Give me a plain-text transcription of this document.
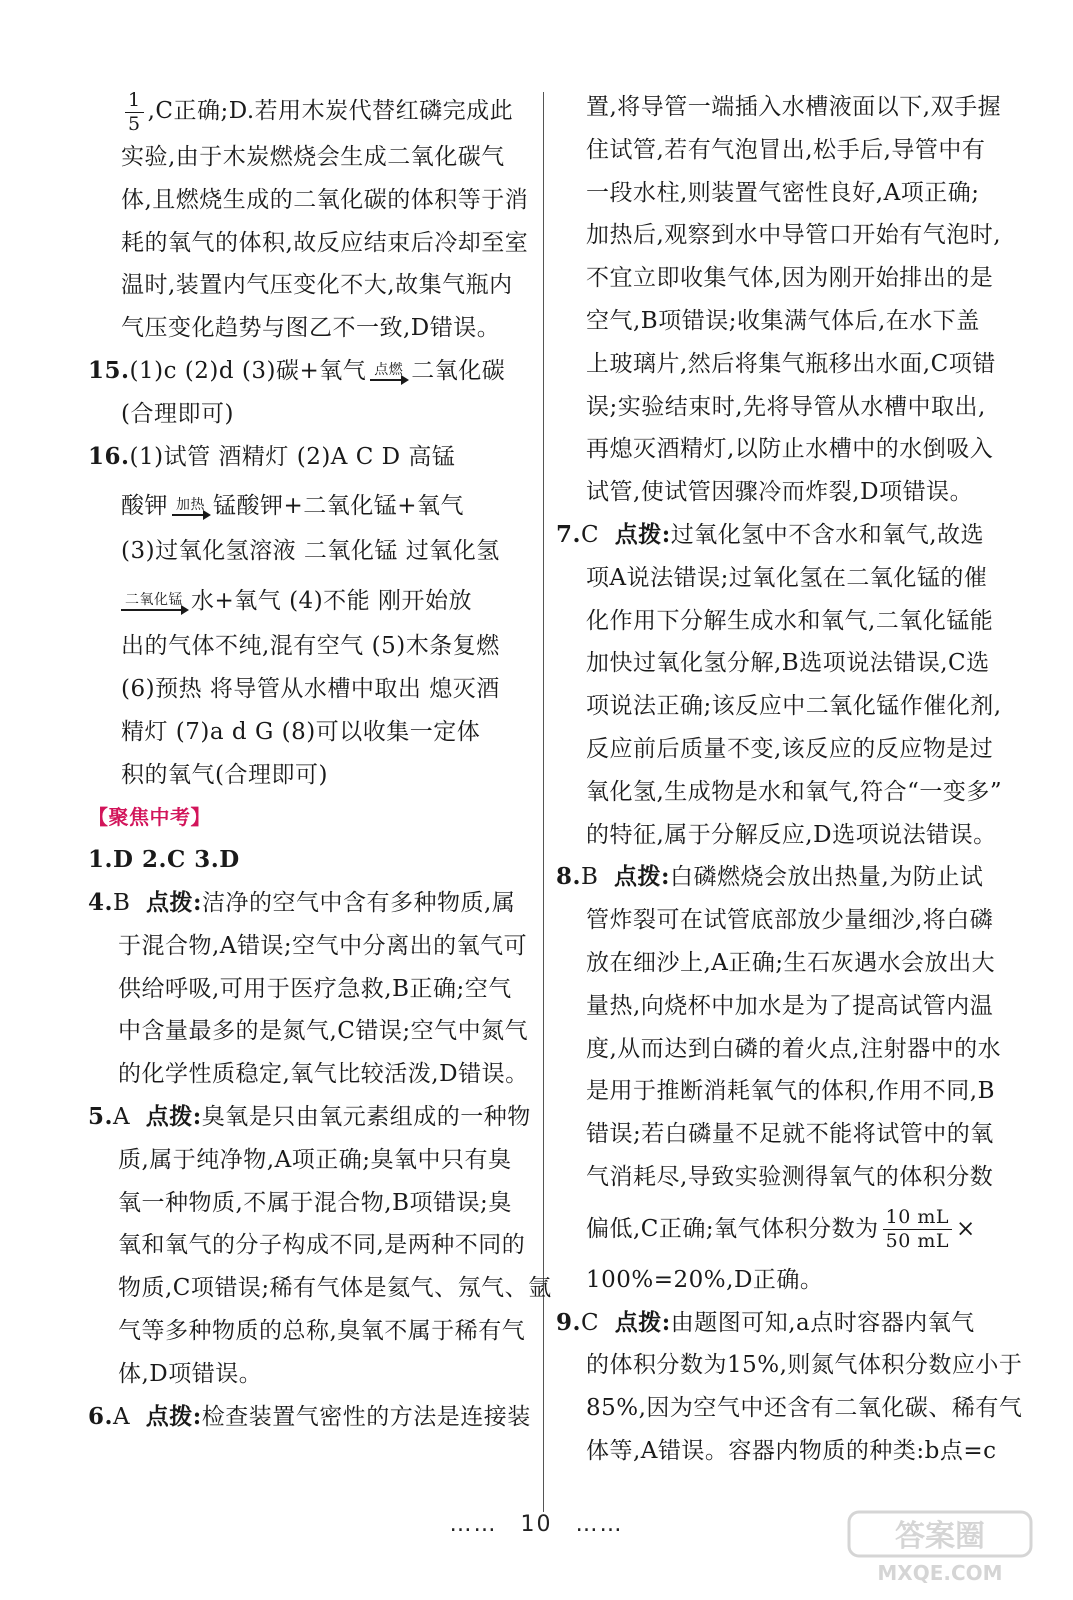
$\frac{1}{5} ,C$正确;D.若用木炭代替红磷完成此
实验,由于木炭燃烧会生成二氧化碳气
体,且燃烧生成的二氧化碳的体积等于消
耗的氧气的体积,故反应结束后冷却至室
温时,装置内气压变化不大,故集气瓶内
气压变化趋势与图乙不一致,D错误。
15.(1)c (2)d (3)碳+氧气 点燃 二氧化碳
(合理即可)
16.(1)试管 酒精灯 (2)A C D 高锰
酸钾 加热 锰酸钾+二氧化锰+氧气
(3)过氧化氢溶液 二氧化锰 过氧化氢
二氧化锰 水+氧气 (4)不能 刚开始放
出的气体不纯,混有空气 (5)木条复燃
(6)预热 将导管从水槽中取出 熄灭酒
精灯 (7)a d G (8)可以收集一定体
积的氧气(合理即可)
【聚焦中考】
1.D 2.C 3.D
4.B 点拨:洁净的空气中含有多种物质,属
于混合物,A错误;空气中分离出的氧气可
供给呼吸,可用于医疗急救,B正确;空气
中含量最多的是氮气,C错误;空气中氮气
的化学性质稳定,氧气比较活泼,D错误。
5.A 点拨:臭氧是只由氧元素组成的一种物
质,属于纯净物,A项正确;臭氧中只有臭
氧一种物质,不属于混合物,B项错误;臭
氧和氧气的分子构成不同,是两种不同的
物质,C项错误;稀有气体是氦气、氖气、氩
气等多种物质的总称,臭氧不属于稀有气
体,D项错误。
6.A 点拨:检查装置气密性的方法是连接装
置,将导管一端插入水槽液面以下,双手握
住试管,若有气泡冒出,松手后,导管中有
一段水柱,则装置气密性良好,A项正确;
加热后,观察到水中导管口开始有气泡时,
不宜立即收集气体,因为刚开始排出的是
空气,B项错误;收集满气体后,在水下盖
上玻璃片,然后将集气瓶移出水面,C项错
误;实验结束时,先将导管从水槽中取出,
再熄灭酒精灯,以防止水槽中的水倒吸入
试管,使试管因骤冷而炸裂,D项错误。
7.C 点拨:过氧化氢中不含水和氧气,故选
项A说法错误;过氧化氢在二氧化锰的催
化作用下分解生成水和氧气,二氧化锰能
加快过氧化氢分解,B选项说法错误,C选
项说法正确;该反应中二氧化锰作催化剂,
反应前后质量不变,该反应的反应物是过
氧化氢,生成物是水和氧气,符合“一变多”
的特征,属于分解反应,D选项说法错误。
8.B 点拨:白磷燃烧会放出热量,为防止试
管炸裂可在试管底部放少量细沙,将白磷
放在细沙上,A正确;生石灰遇水会放出大
量热,向烧杯中加水是为了提高试管内温
度,从而达到白磷的着火点,注射器中的水
是用于推断消耗氧气的体积,作用不同,B
错误;若白磷量不足就不能将试管中的氧
气消耗尽,导致实验测得氧气的体积分数
偏低,C正确;氧气体积分数为 $\frac{10 mL}{50 mL}$ ×
100%=20%,D正确。
9.C 点拨:由题图可知,a点时容器内氧气
的体积分数为15%,则氮气体积分数应小于
85%,因为空气中还含有二氧化碳、稀有气
体等,A错误。容器内物质的种类:b点=c
…… 10 ……	答案圈
MXQE.COM
